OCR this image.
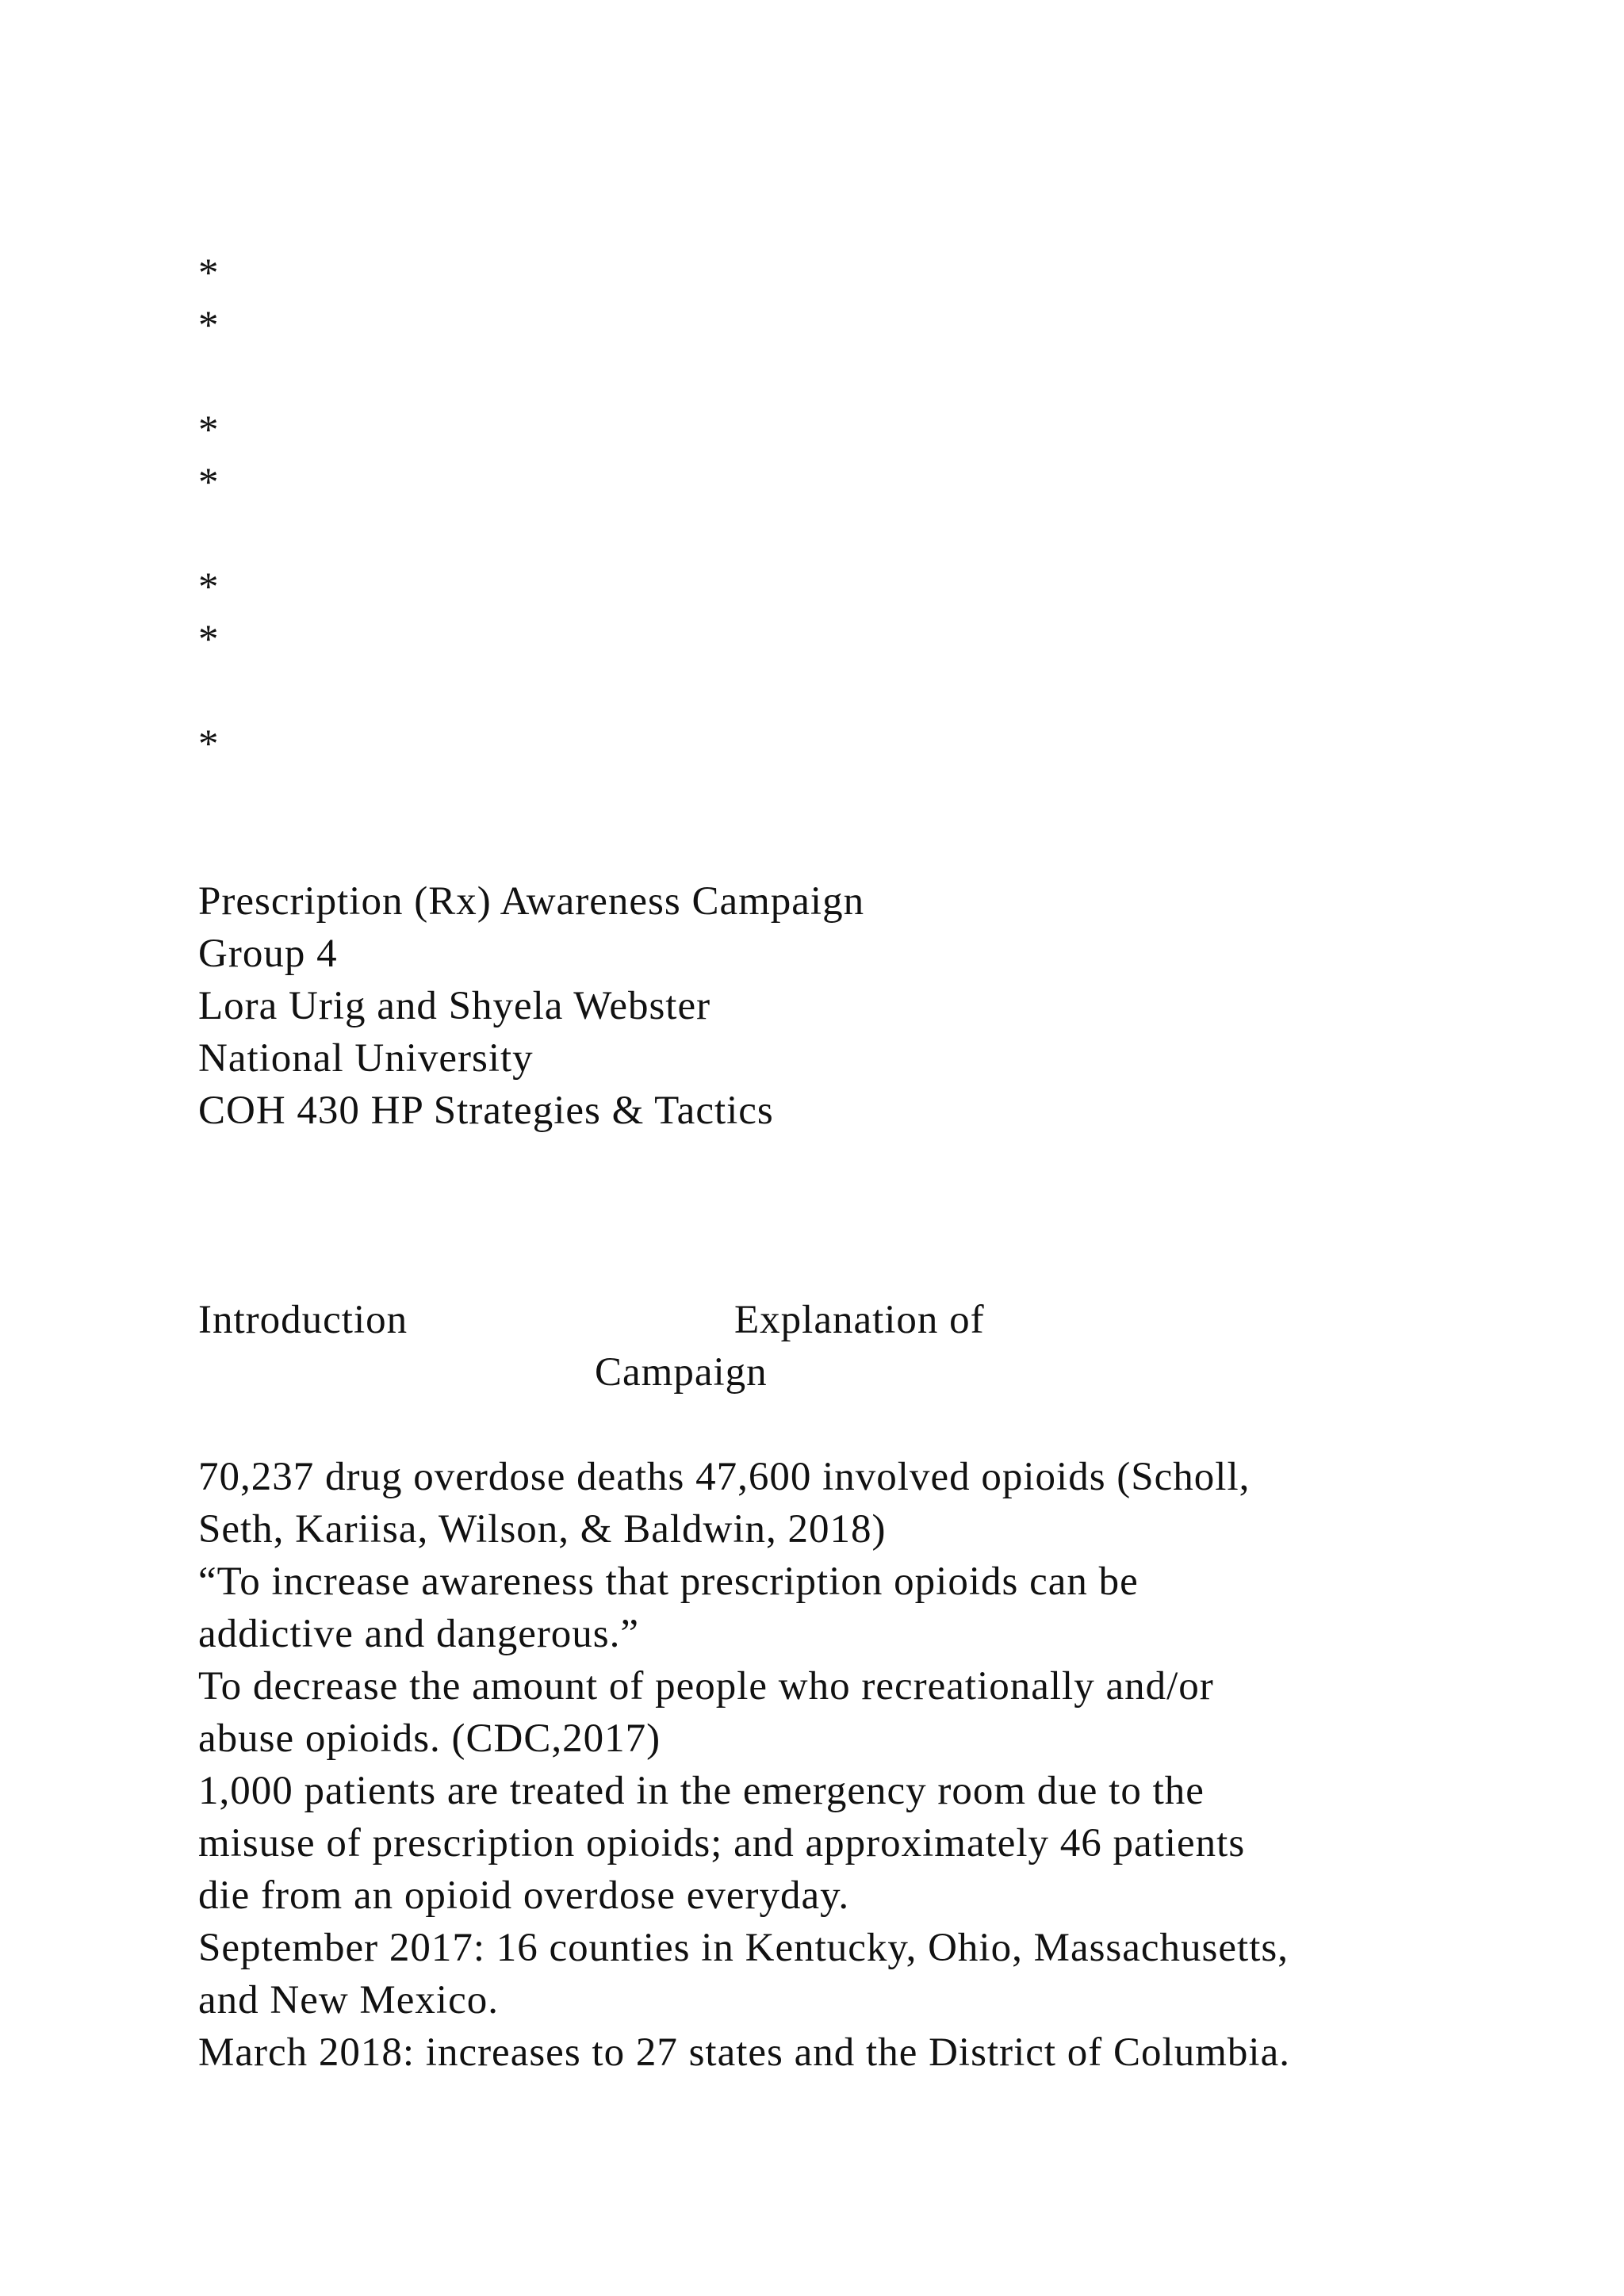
*
*
*
*
*
*
*
Prescription (Rx) Awareness Campaign
Group 4
Lora Urig and Shyela Webster
National University
COH 430 HP Strategies & Tactics
Introduction	Explanation of
Campaign
70,237 drug overdose deaths 47,600 involved opioids (Scholl,
Seth, Kariisa, Wilson, & Baldwin, 2018)
“To increase awareness that prescription opioids can be
addictive and dangerous.”
To decrease the amount of people who recreationally and/or
abuse opioids. (CDC,2017)
1,000 patients are treated in the emergency room due to the
misuse of prescription opioids; and approximately 46 patients
die from an opioid overdose everyday.
September 2017: 16 counties in Kentucky, Ohio, Massachusetts,
and New Mexico.
March 2018: increases to 27 states and the District of Columbia.
